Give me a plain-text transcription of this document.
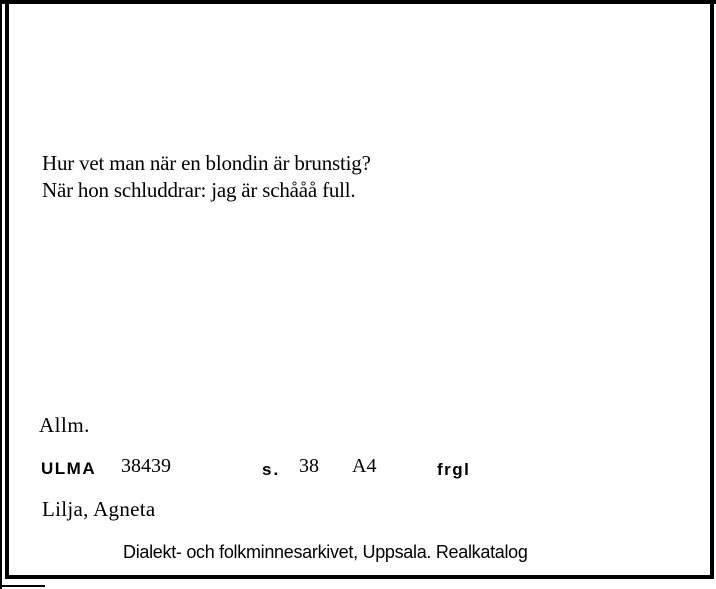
Hur vet man när en blondin är brunstig?
När hon schluddrar: jag är schååå full.
Allm.
ULMA 38439	s. 38 A4	frgl
Lilja, Agneta
Dialekt- och folkminnesarkivet, Uppsala. Realkatalog
